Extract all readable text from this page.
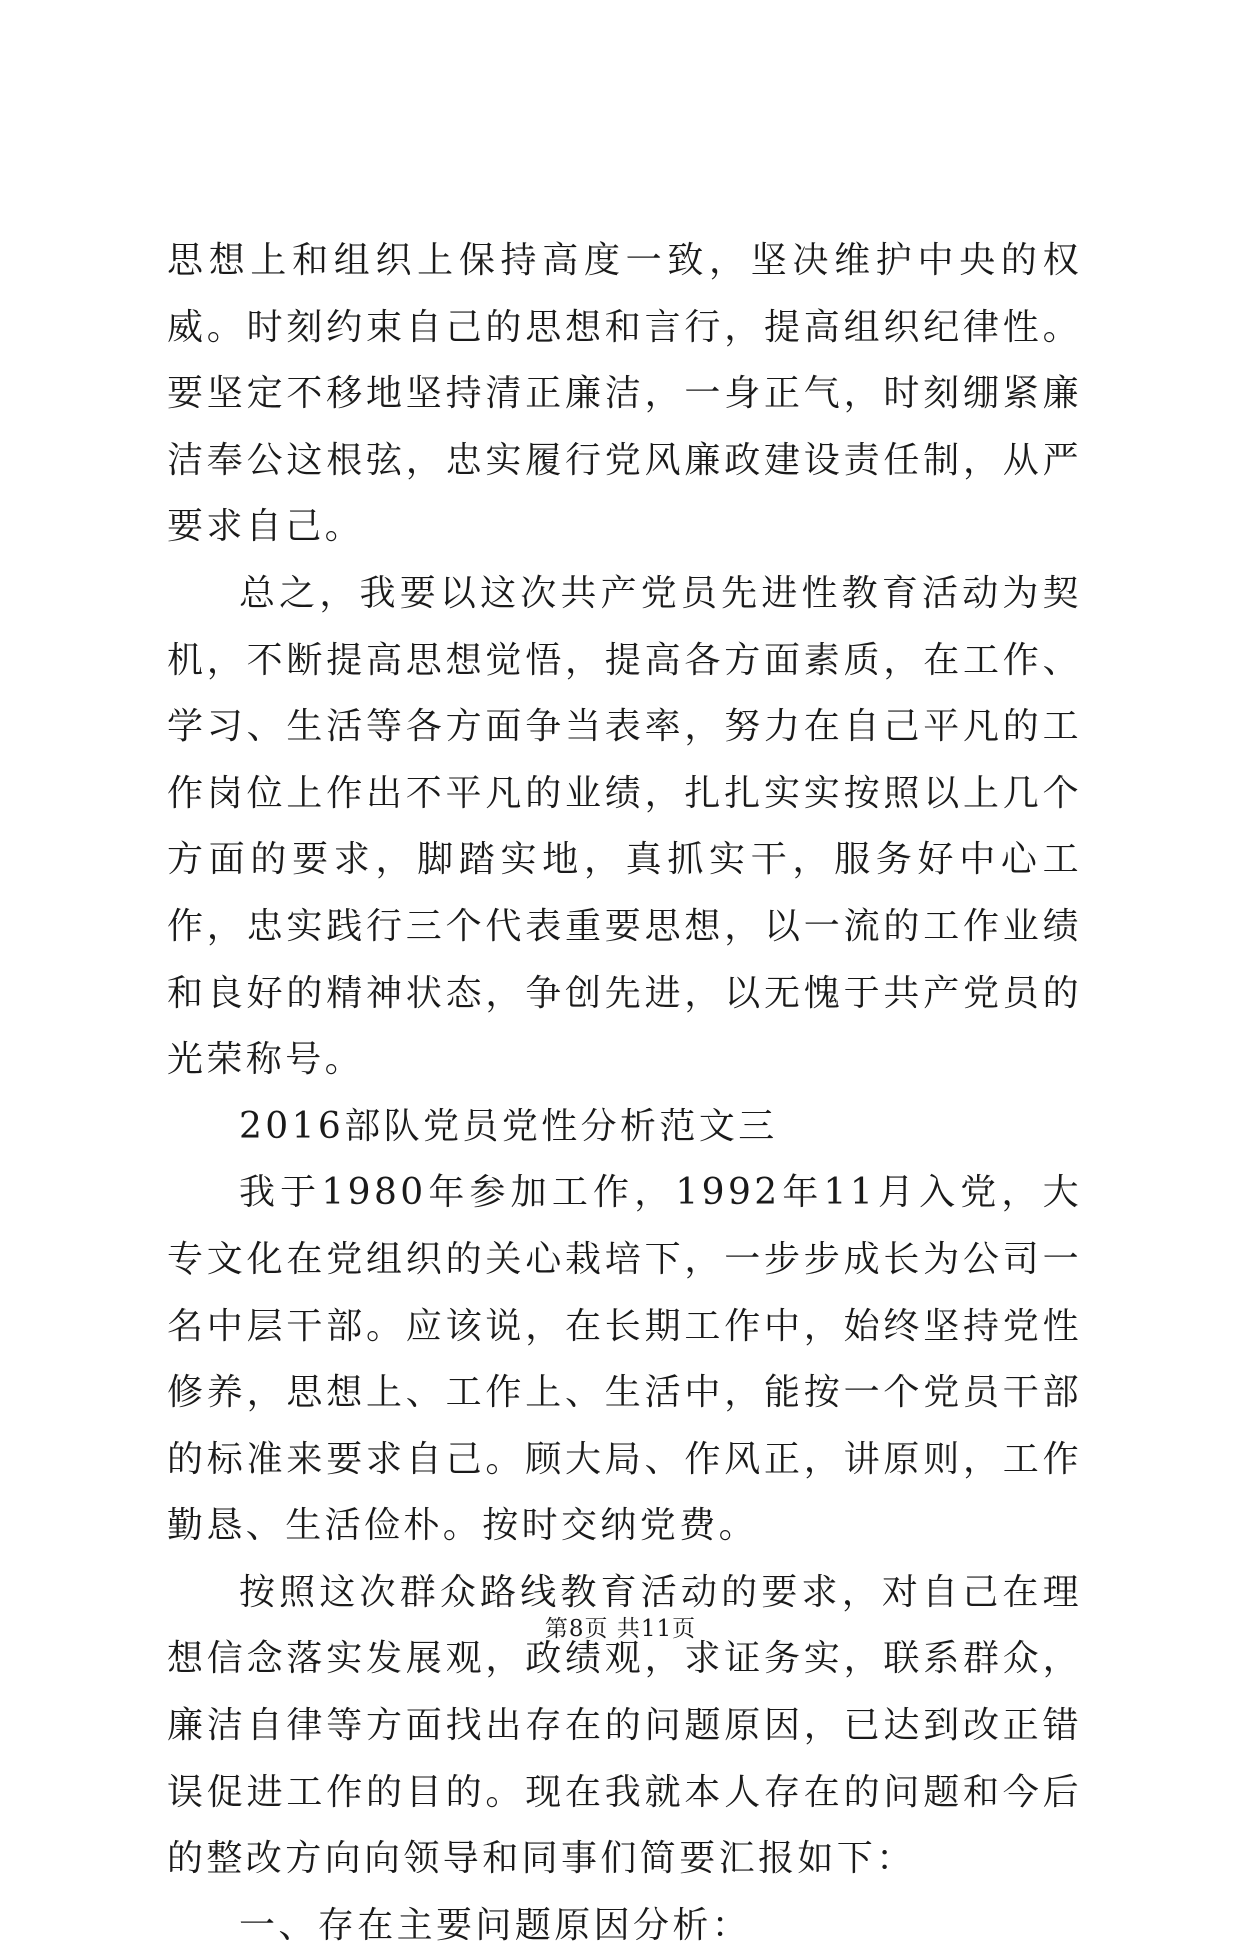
思想上和组织上保持高度一致，坚决维护中央的权威。时刻约束自己的思想和言行，提高组织纪律性。要坚定不移地坚持清正廉洁，一身正气，时刻绷紧廉洁奉公这根弦，忠实履行党风廉政建设责任制，从严要求自己。

总之，我要以这次共产党员先进性教育活动为契机，不断提高思想觉悟，提高各方面素质，在工作、学习、生活等各方面争当表率，努力在自己平凡的工作岗位上作出不平凡的业绩，扎扎实实按照以上几个方面的要求，脚踏实地，真抓实干，服务好中心工作，忠实践行三个代表重要思想，以一流的工作业绩和良好的精神状态，争创先进，以无愧于共产党员的光荣称号。

2016部队党员党性分析范文三

我于1980年参加工作，1992年11月入党，大专文化在党组织的关心栽培下，一步步成长为公司一名中层干部。应该说，在长期工作中，始终坚持党性修养，思想上、工作上、生活中，能按一个党员干部的标准来要求自己。顾大局、作风正，讲原则，工作勤恳、生活俭朴。按时交纳党费。

按照这次群众路线教育活动的要求，对自己在理想信念落实发展观，政绩观，求证务实，联系群众，廉洁自律等方面找出存在的问题原因，已达到改正错误促进工作的目的。现在我就本人存在的问题和今后的整改方向向领导和同事们简要汇报如下：

一、存在主要问题原因分析：

第8页 共11页
